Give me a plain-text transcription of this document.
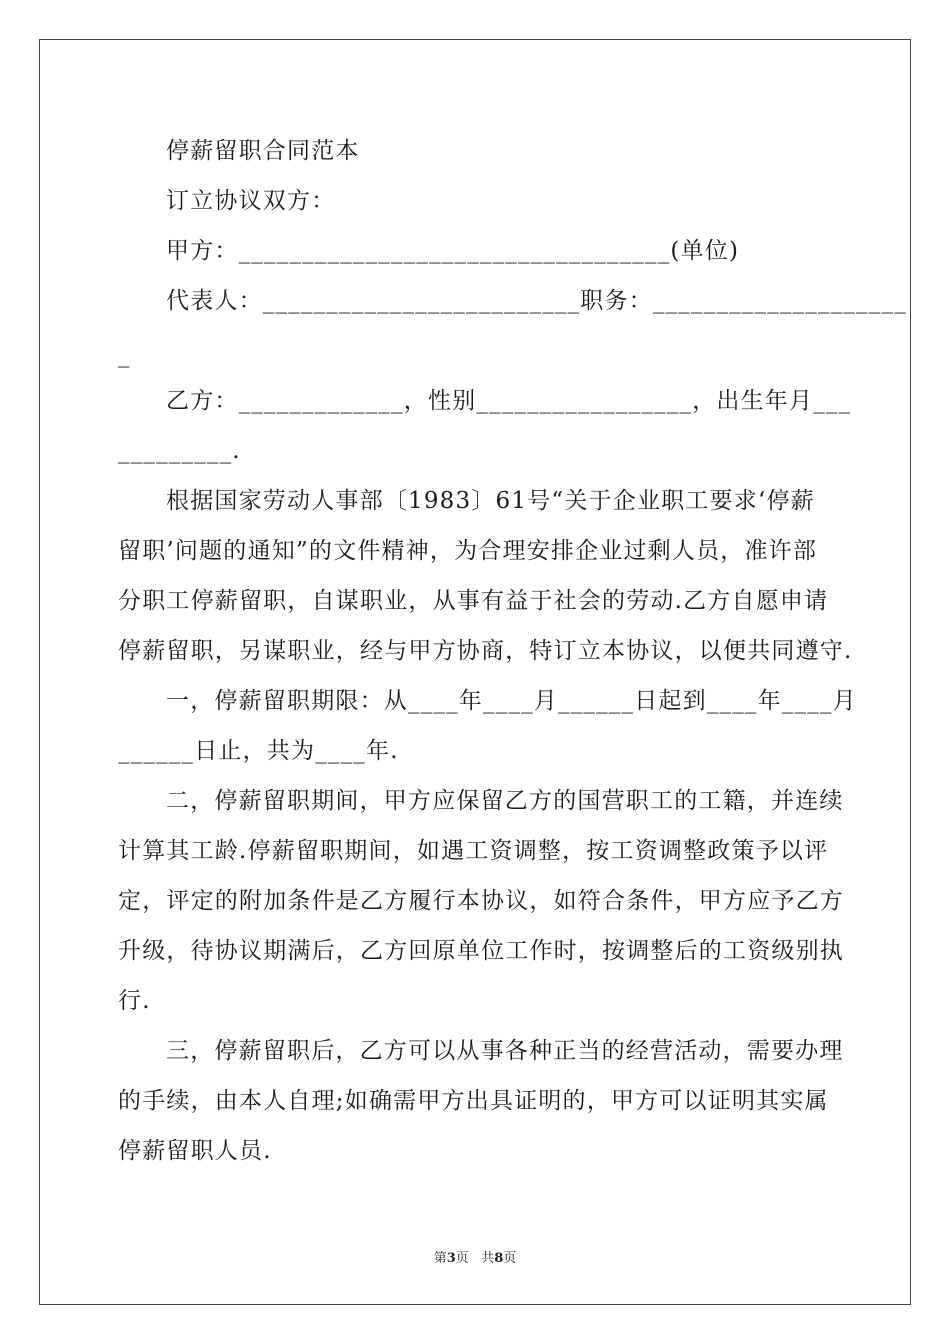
停薪留职合同范本
订立协议双方：
甲方：__________________________________(单位)
代表人：_________________________职务：____________________
_
乙方：_____________，性别_________________，出生年月___
_________.
根据国家劳动人事部〔1983〕61号“关于企业职工要求‘停薪
留职’问题的通知”的文件精神，为合理安排企业过剩人员，准许部
分职工停薪留职，自谋职业，从事有益于社会的劳动.乙方自愿申请
停薪留职，另谋职业，经与甲方协商，特订立本协议，以便共同遵守.
一，停薪留职期限：从____年____月______日起到____年____月
______日止，共为____年.
二，停薪留职期间，甲方应保留乙方的国营职工的工籍，并连续
计算其工龄.停薪留职期间，如遇工资调整，按工资调整政策予以评
定，评定的附加条件是乙方履行本协议，如符合条件，甲方应予乙方
升级，待协议期满后，乙方回原单位工作时，按调整后的工资级别执
行.
三，停薪留职后，乙方可以从事各种正当的经营活动，需要办理
的手续，由本人自理;如确需甲方出具证明的，甲方可以证明其实属
停薪留职人员.
第3页 共8页
